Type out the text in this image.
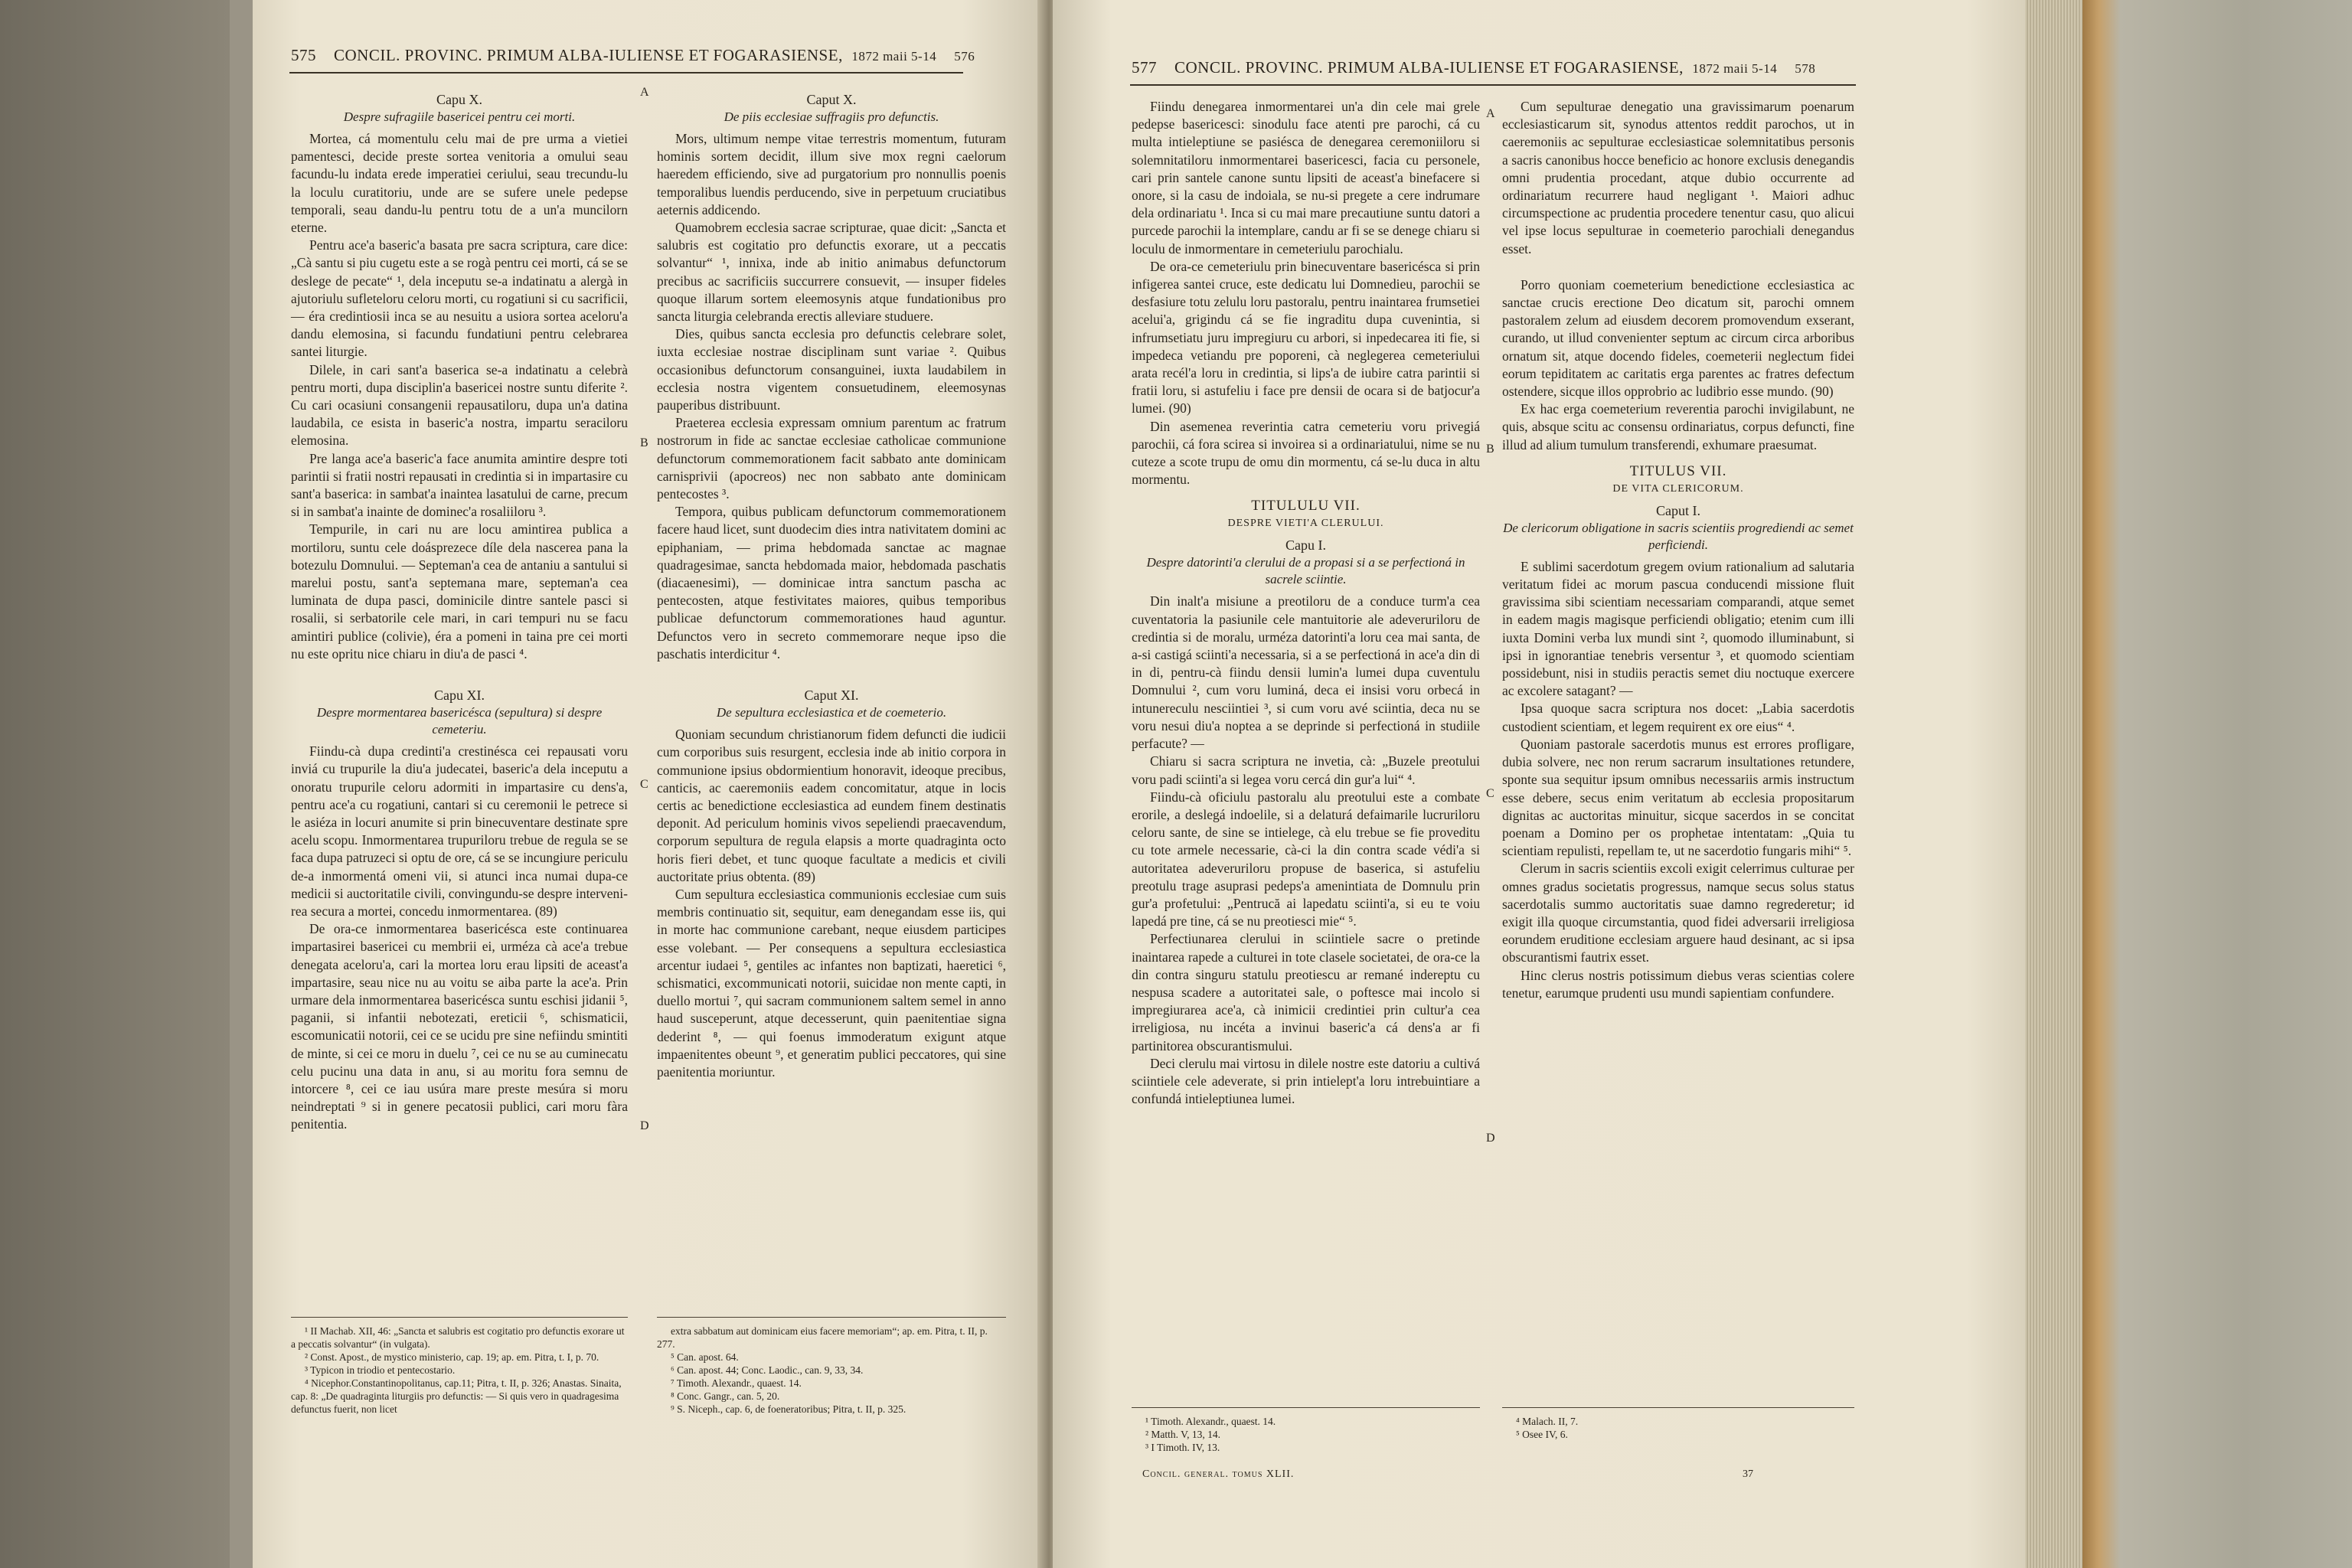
575 CONCIL. PROVINC. PRIMUM ALBA-IULIENSE ET FOGARASIENSE, 1872 maii 5-14 576
577 CONCIL. PROVINC. PRIMUM ALBA-IULIENSE ET FOGARASIENSE, 1872 maii 5-14 578
A
B
C
D
A
B
C
D
Capu X.
Despre sufragiile basericei pentru cei morti.

Mortea, cá momentulu celu mai de pre urma a vietiei pamentesci, decide preste sortea venitoria a omului seau facundu-lu indata erede imperatiei ceriului, seau trecundu-lu la loculu curatitoriu, unde are se sufere unele pedepse temporali, seau dandu-lu pentru totu de a un'a muncilorn eterne.

Pentru ace'a baseric'a basata pre sacra scriptura, care dice: „Cà santu si piu cugetu este a se rogà pentru cei morti, cá se se deslege de pecate“ ¹, dela inceputu se-a indatinatu a alergà in ajutoriulu sufleteloru celoru morti, cu rogatiuni si cu sacrificii, — éra credintiosii inca se au nesuitu a usiora sortea aceloru'a dandu elemosina, si facundu fundatiuni pentru celebrarea santei liturgie.

Dilele, in cari sant'a baserica se-a indatinatu a celebrà pentru morti, dupa disciplin'a basericei nostre suntu diferite ². Cu cari ocasiuni consangenii repausatiloru, dupa un'a datina laudabila, ce esista in baseric'a nostra, impartu seraciloru elemosina.

Pre langa ace'a baseric'a face anumita amintire despre toti parintii si fratii nostri repausati in credintia si in impartasire cu sant'a baserica: in sambat'a inaintea lasatului de carne, precum si in sambat'a inainte de dominec'a rosaliiloru ³.

Tempurile, in cari nu are locu amintirea publica a mortiloru, suntu cele doásprezece díle dela nascerea pana la botezulu Domnului. — Septeman'a cea de antaniu a santului si marelui postu, sant'a septemana mare, septeman'a cea luminata de dupa pasci, dominicile dintre santele pasci si rosalii, si serbatorile cele mari, in cari tempuri nu se facu amintiri publice (colivie), éra a pomeni in taina pre cei morti nu este opritu nice chiaru in diu'a de pasci ⁴.

Capu XI.
Despre mormentarea basericésca (sepultura) si despre cemeteriu.

Fiindu-cà dupa credinti'a crestinésca cei repausati voru inviá cu trupurile la diu'a judecatei, baseric'a dela inceputu a onoratu trupurile celoru adormiti in impartasire cu dens'a, pentru ace'a cu rogatiuni, cantari si cu ceremonii le petrece si le asiéza in locuri anumite si prin binecuventare destinate spre acelu scopu. Inmormentarea trupuriloru trebue de regula se se faca dupa patruzeci si optu de ore, cá se se incungiure periculu de-a inmormentá omeni vii, si atunci inca numai dupa-ce medicii si auctoritatile civili, convingundu-se despre interveni-rea secura a mortei, concedu inmormentarea. (89)

De ora-ce inmormentarea basericésca este continuarea impartasirei basericei cu membrii ei, urméza cà ace'a trebue denegata aceloru'a, cari la mortea loru erau lipsiti de aceast'a impartasire, seau nice nu au voitu se aiba parte la ace'a. Prin urmare dela inmormentarea basericésca suntu eschisi jidanii ⁵, paganii, si infantii nebotezati, ereticii ⁶, schismaticii, escomunicatii notorii, cei ce se ucidu pre sine nefiindu smintiti de minte, si cei ce moru in duelu ⁷, cei ce nu se au cuminecatu celu pucinu una data in anu, si au moritu fora semnu de intorcere ⁸, cei ce iau usúra mare preste mesúra si moru neindreptati ⁹ si in genere pecatosii publici, cari moru fàra penitentia.

Caput X.
De piis ecclesiae suffragiis pro defunctis.

Mors, ultimum nempe vitae terrestris momentum, futuram hominis sortem decidit, illum sive mox regni caelorum haeredem efficiendo, sive ad purgatorium pro nonnullis poenis temporalibus luendis perducendo, sive in perpetuum cruciatibus aeternis addicendo.

Quamobrem ecclesia sacrae scripturae, quae dicit: „Sancta et salubris est cogitatio pro defunctis exorare, ut a peccatis solvantur“ ¹, innixa, inde ab initio animabus defunctorum precibus ac sacrificiis succurrere consuevit, — insuper fideles quoque illarum sortem eleemosynis atque fundationibus pro sancta liturgia celebranda erectis alleviare studuere.

Dies, quibus sancta ecclesia pro defunctis celebrare solet, iuxta ecclesiae nostrae disciplinam sunt variae ². Quibus occasionibus defunctorum consanguinei, iuxta laudabilem in ecclesia nostra vigentem consuetudinem, eleemosynas pauperibus distribuunt.

Praeterea ecclesia expressam omnium parentum ac fratrum nostrorum in fide ac sanctae ecclesiae catholicae communione defunctorum commemorationem facit sabbato ante dominicam carnisprivii (apocreos) nec non sabbato ante dominicam pentecostes ³.

Tempora, quibus publicam defunctorum commemorationem facere haud licet, sunt duodecim dies intra nativitatem domini ac epiphaniam, — prima hebdomada sanctae ac magnae quadragesimae, sancta hebdomada maior, hebdomada paschatis (diacaenesimi), — dominicae intra sanctum pascha ac pentecosten, atque festivitates maiores, quibus temporibus publicae defunctorum commemorationes haud aguntur. Defunctos vero in secreto commemorare neque ipso die paschatis interdicitur ⁴.

Caput XI.
De sepultura ecclesiastica et de coemeterio.

Quoniam secundum christianorum fidem defuncti die iudicii cum corporibus suis resurgent, ecclesia inde ab initio corpora in communione ipsius obdormientium honoravit, ideoque precibus, canticis, ac caeremoniis eadem concomitatur, atque in locis certis ac benedictione ecclesiastica ad eundem finem destinatis deponit. Ad periculum hominis vivos sepeliendi praecavendum, corporum sepultura de regula elapsis a morte quadraginta octo horis fieri debet, et tunc quoque facultate a medicis et civili auctoritate prius obtenta. (89)

Cum sepultura ecclesiastica communionis ecclesiae cum suis membris continuatio sit, sequitur, eam denegandam esse iis, qui in morte hac communione carebant, neque eiusdem participes esse volebant. — Per consequens a sepultura ecclesiastica arcentur iudaei ⁵, gentiles ac infantes non baptizati, haeretici ⁶, schismatici, excommunicati notorii, suicidae non mente capti, in duello mortui ⁷, qui sacram communionem saltem semel in anno haud susceperunt, atque decesserunt, quin paenitentiae signa dederint ⁸, — qui foenus immoderatum exigunt atque impaenitentes obeunt ⁹, et generatim publici peccatores, qui sine paenitentia moriuntur.

¹ II Machab. XII, 46: „Sancta et salubris est cogitatio pro defunctis exorare ut a peccatis solvantur“ (in vulgata).
² Const. Apost., de mystico ministerio, cap. 19; ap. em. Pitra, t. I, p. 70.
³ Typicon in triodio et pentecostario.
⁴ Nicephor.Constantinopolitanus, cap.11; Pitra, t. II, p. 326; Anastas. Sinaita, cap. 8: „De quadraginta liturgiis pro defunctis: — Si quis vero in quadragesima defunctus fuerit, non licet
extra sabbatum aut dominicam eius facere memoriam“; ap. em. Pitra, t. II, p. 277.
⁵ Can. apost. 64.
⁶ Can. apost. 44; Conc. Laodic., can. 9, 33, 34.
⁷ Timoth. Alexandr., quaest. 14.
⁸ Conc. Gangr., can. 5, 20.
⁹ S. Niceph., cap. 6, de foeneratoribus; Pitra, t. II, p. 325.

Fiindu denegarea inmormentarei un'a din cele mai grele pedepse basericesci: sinodulu face atenti pre parochi, cá cu multa intieleptiune se pasiésca de denegarea ceremoniiloru si solemnitatiloru inmormentarei basericesci, facia cu personele, cari prin santele canone suntu lipsiti de aceast'a binefacere si onore, si la casu de indoiala, se nu-si pregete a cere indrumare dela ordinariatu ¹. Inca si cu mai mare precautiune suntu datori a purcede parochii la intemplare, candu ar fi se se denege chiaru si loculu de inmormentare in cemeteriulu parochialu.

De ora-ce cemeteriulu prin binecuventare basericésca si prin infigerea santei cruce, este dedicatu lui Domnedieu, parochii se desfasiure totu zelulu loru pastoralu, pentru inaintarea frumsetiei acelui'a, grigindu cá se fie ingraditu dupa cuvenintia, si infrumsetiatu juru impregiuru cu arbori, si inpedecarea iti fie, si impedeca vetiandu pre poporeni, cà neglegerea cemeteriului arata recél'a loru in credintia, si lips'a de iubire catra parintii si fratii loru, si astufeliu i face pre densii de ocara si de batjocur'a lumei. (90)

Din asemenea reverintia catra cemeteriu voru privegiá parochii, cá fora scirea si invoirea si a ordinariatului, nime se nu cuteze a scote trupu de omu din mormentu, cá se-lu duca in altu mormentu.

TITULULU VII.
DESPRE VIETI'A CLERULUI.
Capu I.
Despre datorinti'a clerului de a propasi si a se perfectioná in sacrele sciintie.

Din inalt'a misiune a preotiloru de a conduce turm'a cea cuventatoria la pasiunile cele mantuitorie ale adeveruriloru de credintia si de moralu, urméza datorinti'a loru cea mai santa, de a-si castigá sciinti'a necessaria, si a se perfectioná in ace'a din di in di, pentru-cà fiindu densii lumin'a lumei dupa cuventulu Domnului ², cum voru luminá, deca ei insisi voru orbecá in intunereculu nesciintiei ³, si cum voru avé sciintia, deca nu se voru nesui diu'a noptea a se deprinde si perfectioná in studiile perfacute? —

Chiaru si sacra scriptura ne invetia, cà: „Buzele preotului voru padi sciinti'a si legea voru cercá din gur'a lui“ ⁴.

Fiindu-cà oficiulu pastoralu alu preotului este a combate erorile, a deslegá indoelile, si a delaturá defaimarile lucruriloru celoru sante, de sine se intielege, cà elu trebue se fie proveditu cu tote armele necessarie, cà-ci la din contra scade védi'a si autoritatea adeveruriloru propuse de baserica, si astufeliu preotulu trage asuprasi pedeps'a amenintiata de Domnulu prin gur'a profetului: „Pentrucă ai lapedatu sciinti'a, si eu te voiu lapedá pre tine, cá se nu preotiesci mie“ ⁵.

Perfectiunarea clerului in sciintiele sacre o pretinde inaintarea rapede a culturei in tote clasele societatei, de ora-ce la din contra singuru statulu preotiescu ar remané indereptu cu nespusa scadere a autoritatei sale, o poftesce mai incolo si impregiurarea ace'a, cà inimicii credintiei prin cultur'a cea irreligiosa, nu incéta a invinui baseric'a cá dens'a ar fi partinitorea obscurantismului.

Deci clerulu mai virtosu in dilele nostre este datoriu a cultivá sciintiele cele adeverate, si prin intielept'a loru intrebuintiare a confundá intieleptiunea lumei.

Cum sepulturae denegatio una gravissimarum poenarum ecclesiasticarum sit, synodus attentos reddit parochos, ut in caeremoniis ac sepulturae ecclesiasticae solemnitatibus personis a sacris canonibus hocce beneficio ac honore exclusis denegandis omni prudentia procedant, atque dubio occurrente ad ordinariatum recurrere haud negligant ¹. Maiori adhuc circumspectione ac prudentia procedere tenentur casu, quo alicui vel ipse locus sepulturae in coemeterio parochiali denegandus esset.

Porro quoniam coemeterium benedictione ecclesiastica ac sanctae crucis erectione Deo dicatum sit, parochi omnem pastoralem zelum ad eiusdem decorem promovendum exserant, curando, ut illud convenienter septum ac circum circa arboribus ornatum sit, atque docendo fideles, coemeterii neglectum fidei eorum tepiditatem ac caritatis erga parentes ac fratres defectum ostendere, sicque illos opprobrio ac ludibrio esse mundo. (90)

Ex hac erga coemeterium reverentia parochi invigilabunt, ne quis, absque scitu ac consensu ordinariatus, corpus defuncti, fine illud ad alium tumulum transferendi, exhumare praesumat.

TITULUS VII.
DE VITA CLERICORUM.
Caput I.
De clericorum obligatione in sacris scientiis progrediendi ac semet perficiendi.

E sublimi sacerdotum gregem ovium rationalium ad salutaria veritatum fidei ac morum pascua conducendi missione fluit gravissima sibi scientiam necessariam comparandi, atque semet in eadem magis magisque perficiendi obligatio; etenim cum illi iuxta Domini verba lux mundi sint ², quomodo illuminabunt, si ipsi in ignorantiae tenebris versentur ³, et quomodo scientiam possidebunt, nisi in studiis peractis semet diu noctuque exercere ac excolere satagant? —

Ipsa quoque sacra scriptura nos docet: „Labia sacerdotis custodient scientiam, et legem requirent ex ore eius“ ⁴.

Quoniam pastorale sacerdotis munus est errores profligare, dubia solvere, nec non rerum sacrarum insultationes retundere, sponte sua sequitur ipsum omnibus necessariis armis instructum esse debere, secus enim veritatum ab ecclesia propositarum dignitas ac auctoritas minuitur, sicque sacerdos in se concitat poenam a Domino per os prophetae intentatam: „Quia tu scientiam repulisti, repellam te, ut ne sacerdotio fungaris mihi“ ⁵.

Clerum in sacris scientiis excoli exigit celerrimus culturae per omnes gradus societatis progressus, namque secus solus status sacerdotalis summo auctoritatis suae damno regrederetur; id exigit illa quoque circumstantia, quod fidei adversarii irreligiosa eorundem eruditione ecclesiam arguere haud desinant, ac si ipsa obscurantismi fautrix esset.

Hinc clerus nostris potissimum diebus veras scientias colere tenetur, earumque prudenti usu mundi sapientiam confundere.

¹ Timoth. Alexandr., quaest. 14.
² Matth. V, 13, 14.
³ I Timoth. IV, 13.
⁴ Malach. II, 7.
⁵ Osee IV, 6.
Concil. general. tomus XLII.	37
